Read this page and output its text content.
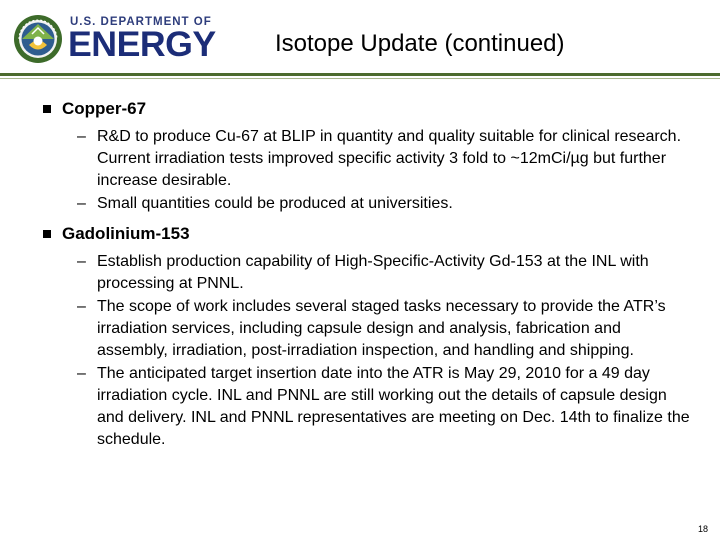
U.S. DEPARTMENT OF
ENERGY Isotope Update (continued)
Copper-67
– R&D to produce Cu-67 at BLIP in quantity and quality suitable for clinical research. Current irradiation tests improved specific activity 3 fold to ~12mCi/µg but further increase desirable.
– Small quantities could be produced at universities.
Gadolinium-153
– Establish production capability of High-Specific-Activity Gd-153 at the INL with processing at PNNL.
– The scope of work includes several staged tasks necessary to provide the ATR’s irradiation services, including capsule design and analysis, fabrication and assembly, irradiation, post-irradiation inspection, and handling and shipping.
– The anticipated target insertion date into the ATR is May 29, 2010 for a 49 day irradiation cycle. INL and PNNL are still working out the details of capsule design and delivery. INL and PNNL representatives are meeting on Dec. 14th to finalize the schedule.
18
